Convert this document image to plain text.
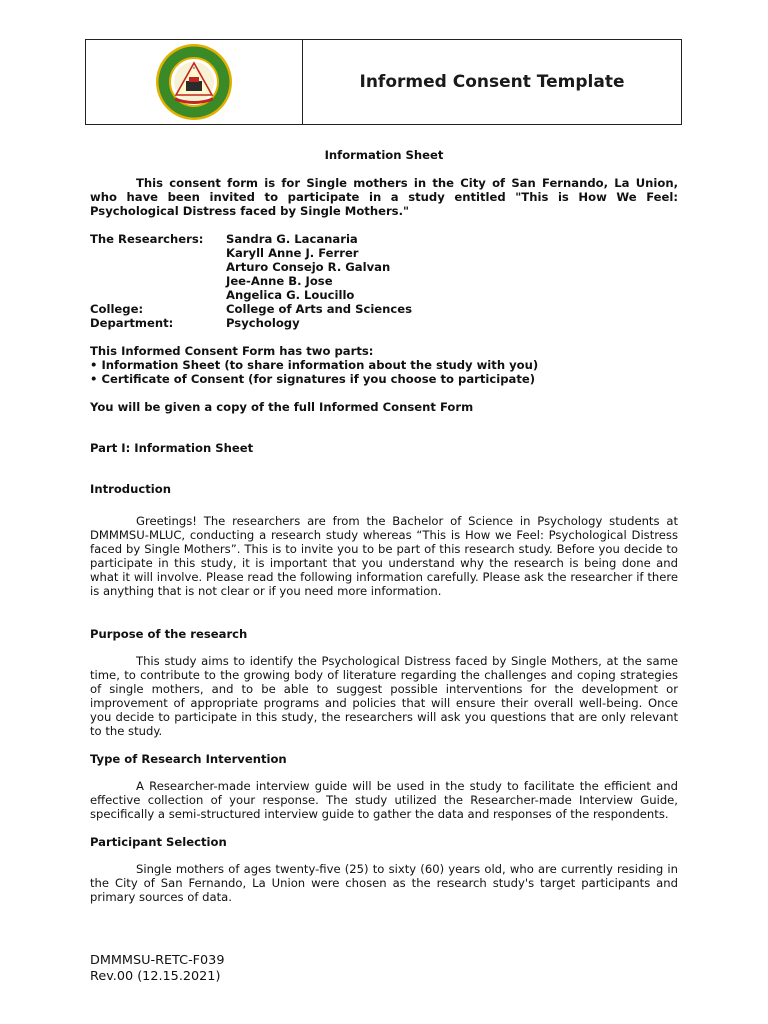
★
Informed Consent Template
Information Sheet
This consent form is for Single mothers in the City of San Fernando, La Union, who have been invited to participate in a study entitled "This is How We Feel: Psychological Distress faced by Single Mothers."
The Researchers:	Sandra G. Lacanaria
Karyll Anne J. Ferrer
Arturo Consejo R. Galvan
Jee-Anne B. Jose
Angelica G. Loucillo
College:	College of Arts and Sciences
Department:	Psychology
This Informed Consent Form has two parts:
• Information Sheet (to share information about the study with you)
• Certificate of Consent (for signatures if you choose to participate)
You will be given a copy of the full Informed Consent Form
Part I: Information Sheet
Introduction
Greetings! The researchers are from the Bachelor of Science in Psychology students at DMMMSU-MLUC, conducting a research study whereas “This is How we Feel: Psychological Distress faced by Single Mothers”. This is to invite you to be part of this research study. Before you decide to participate in this study, it is important that you understand why the research is being done and what it will involve. Please read the following information carefully. Please ask the researcher if there is anything that is not clear or if you need more information.
Purpose of the research
This study aims to identify the Psychological Distress faced by Single Mothers, at the same time, to contribute to the growing body of literature regarding the challenges and coping strategies of single mothers, and to be able to suggest possible interventions for the development or improvement of appropriate programs and policies that will ensure their overall well-being. Once you decide to participate in this study, the researchers will ask you questions that are only relevant to the study.
Type of Research Intervention
A Researcher-made interview guide will be used in the study to facilitate the efficient and effective collection of your response. The study utilized the Researcher-made Interview Guide, specifically a semi-structured interview guide to gather the data and responses of the respondents.
Participant Selection
Single mothers of ages twenty-five (25) to sixty (60) years old, who are currently residing in the City of San Fernando, La Union were chosen as the research study's target participants and primary sources of data.
DMMMSU-RETC-F039
Rev.00 (12.15.2021)
